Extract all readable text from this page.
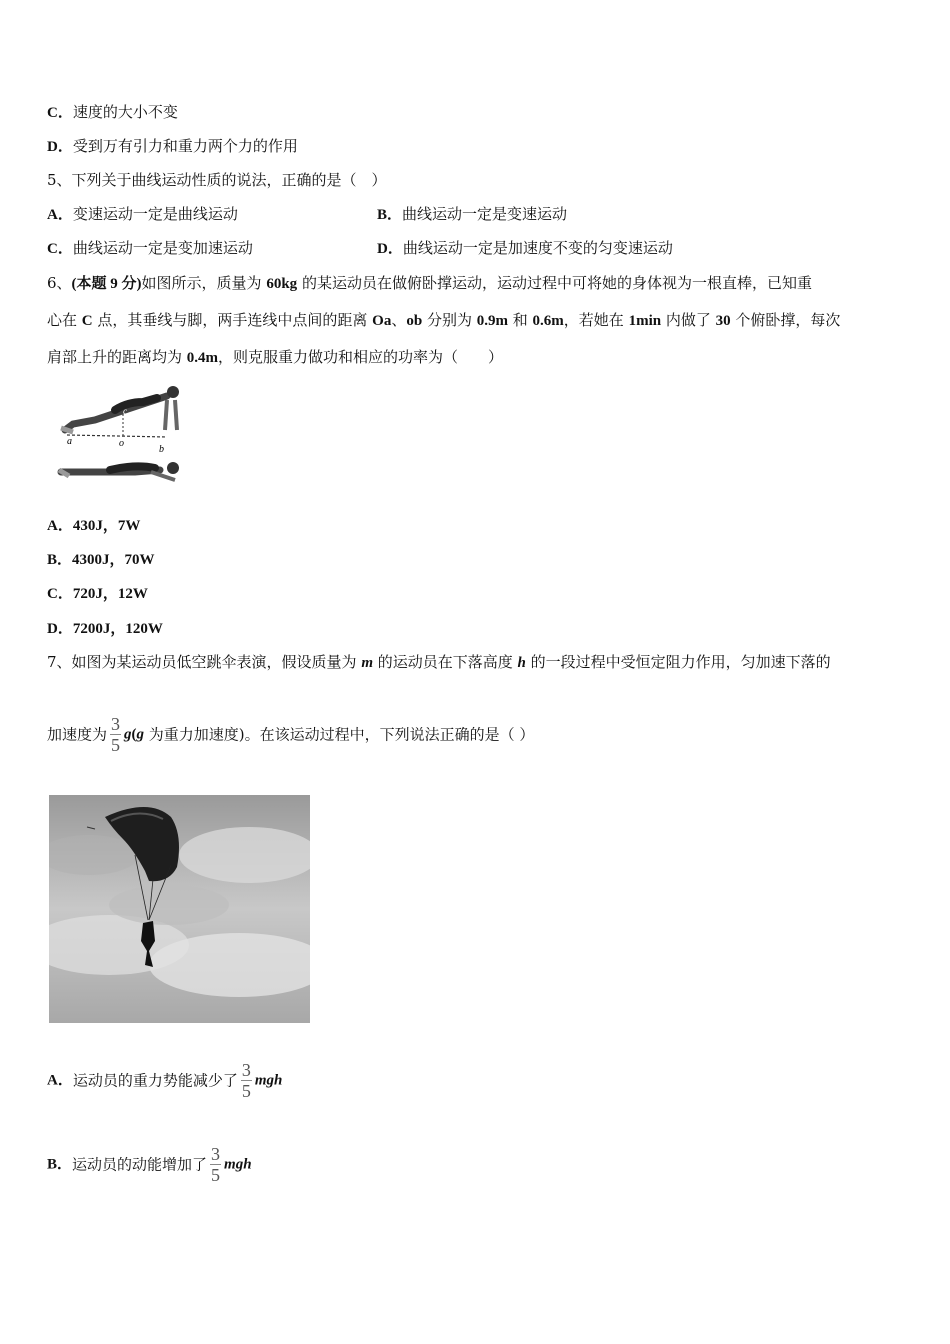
C．速度的大小不变
D．受到万有引力和重力两个力的作用
5、下列关于曲线运动性质的说法，正确的是（　）
A．变速运动一定是曲线运动	B．曲线运动一定是变速运动
C．曲线运动一定是变加速运动	D．曲线运动一定是加速度不变的匀变速运动
6、(本题 9 分)如图所示，质量为 60kg 的某运动员在做俯卧撑运动，运动过程中可将她的身体视为一根直棒，已知重
心在 C 点，其垂线与脚，两手连线中点间的距离 Oa、ob 分别为 0.9m 和 0.6m，若她在 1min 内做了 30 个俯卧撑，每次
肩部上升的距离均为 0.4m，则克服重力做功和相应的功率为（　　）
a	o
b
c
A．430J，7W
B．4300J，70W
C．720J，12W
D．7200J，120W
7、如图为某运动员低空跳伞表演，假设质量为 m 的运动员在下落高度 h 的一段过程中受恒定阻力作用，匀加速下落的
加速度为 $\frac{3}{5} g(g$ 为重力加速度)。在该运动过程中，下列说法正确的是（ ）
A．运动员的重力势能减少了 $\frac{3}{5}$ mgh
B．运动员的动能增加了 $\frac{3}{5}$ mgh
